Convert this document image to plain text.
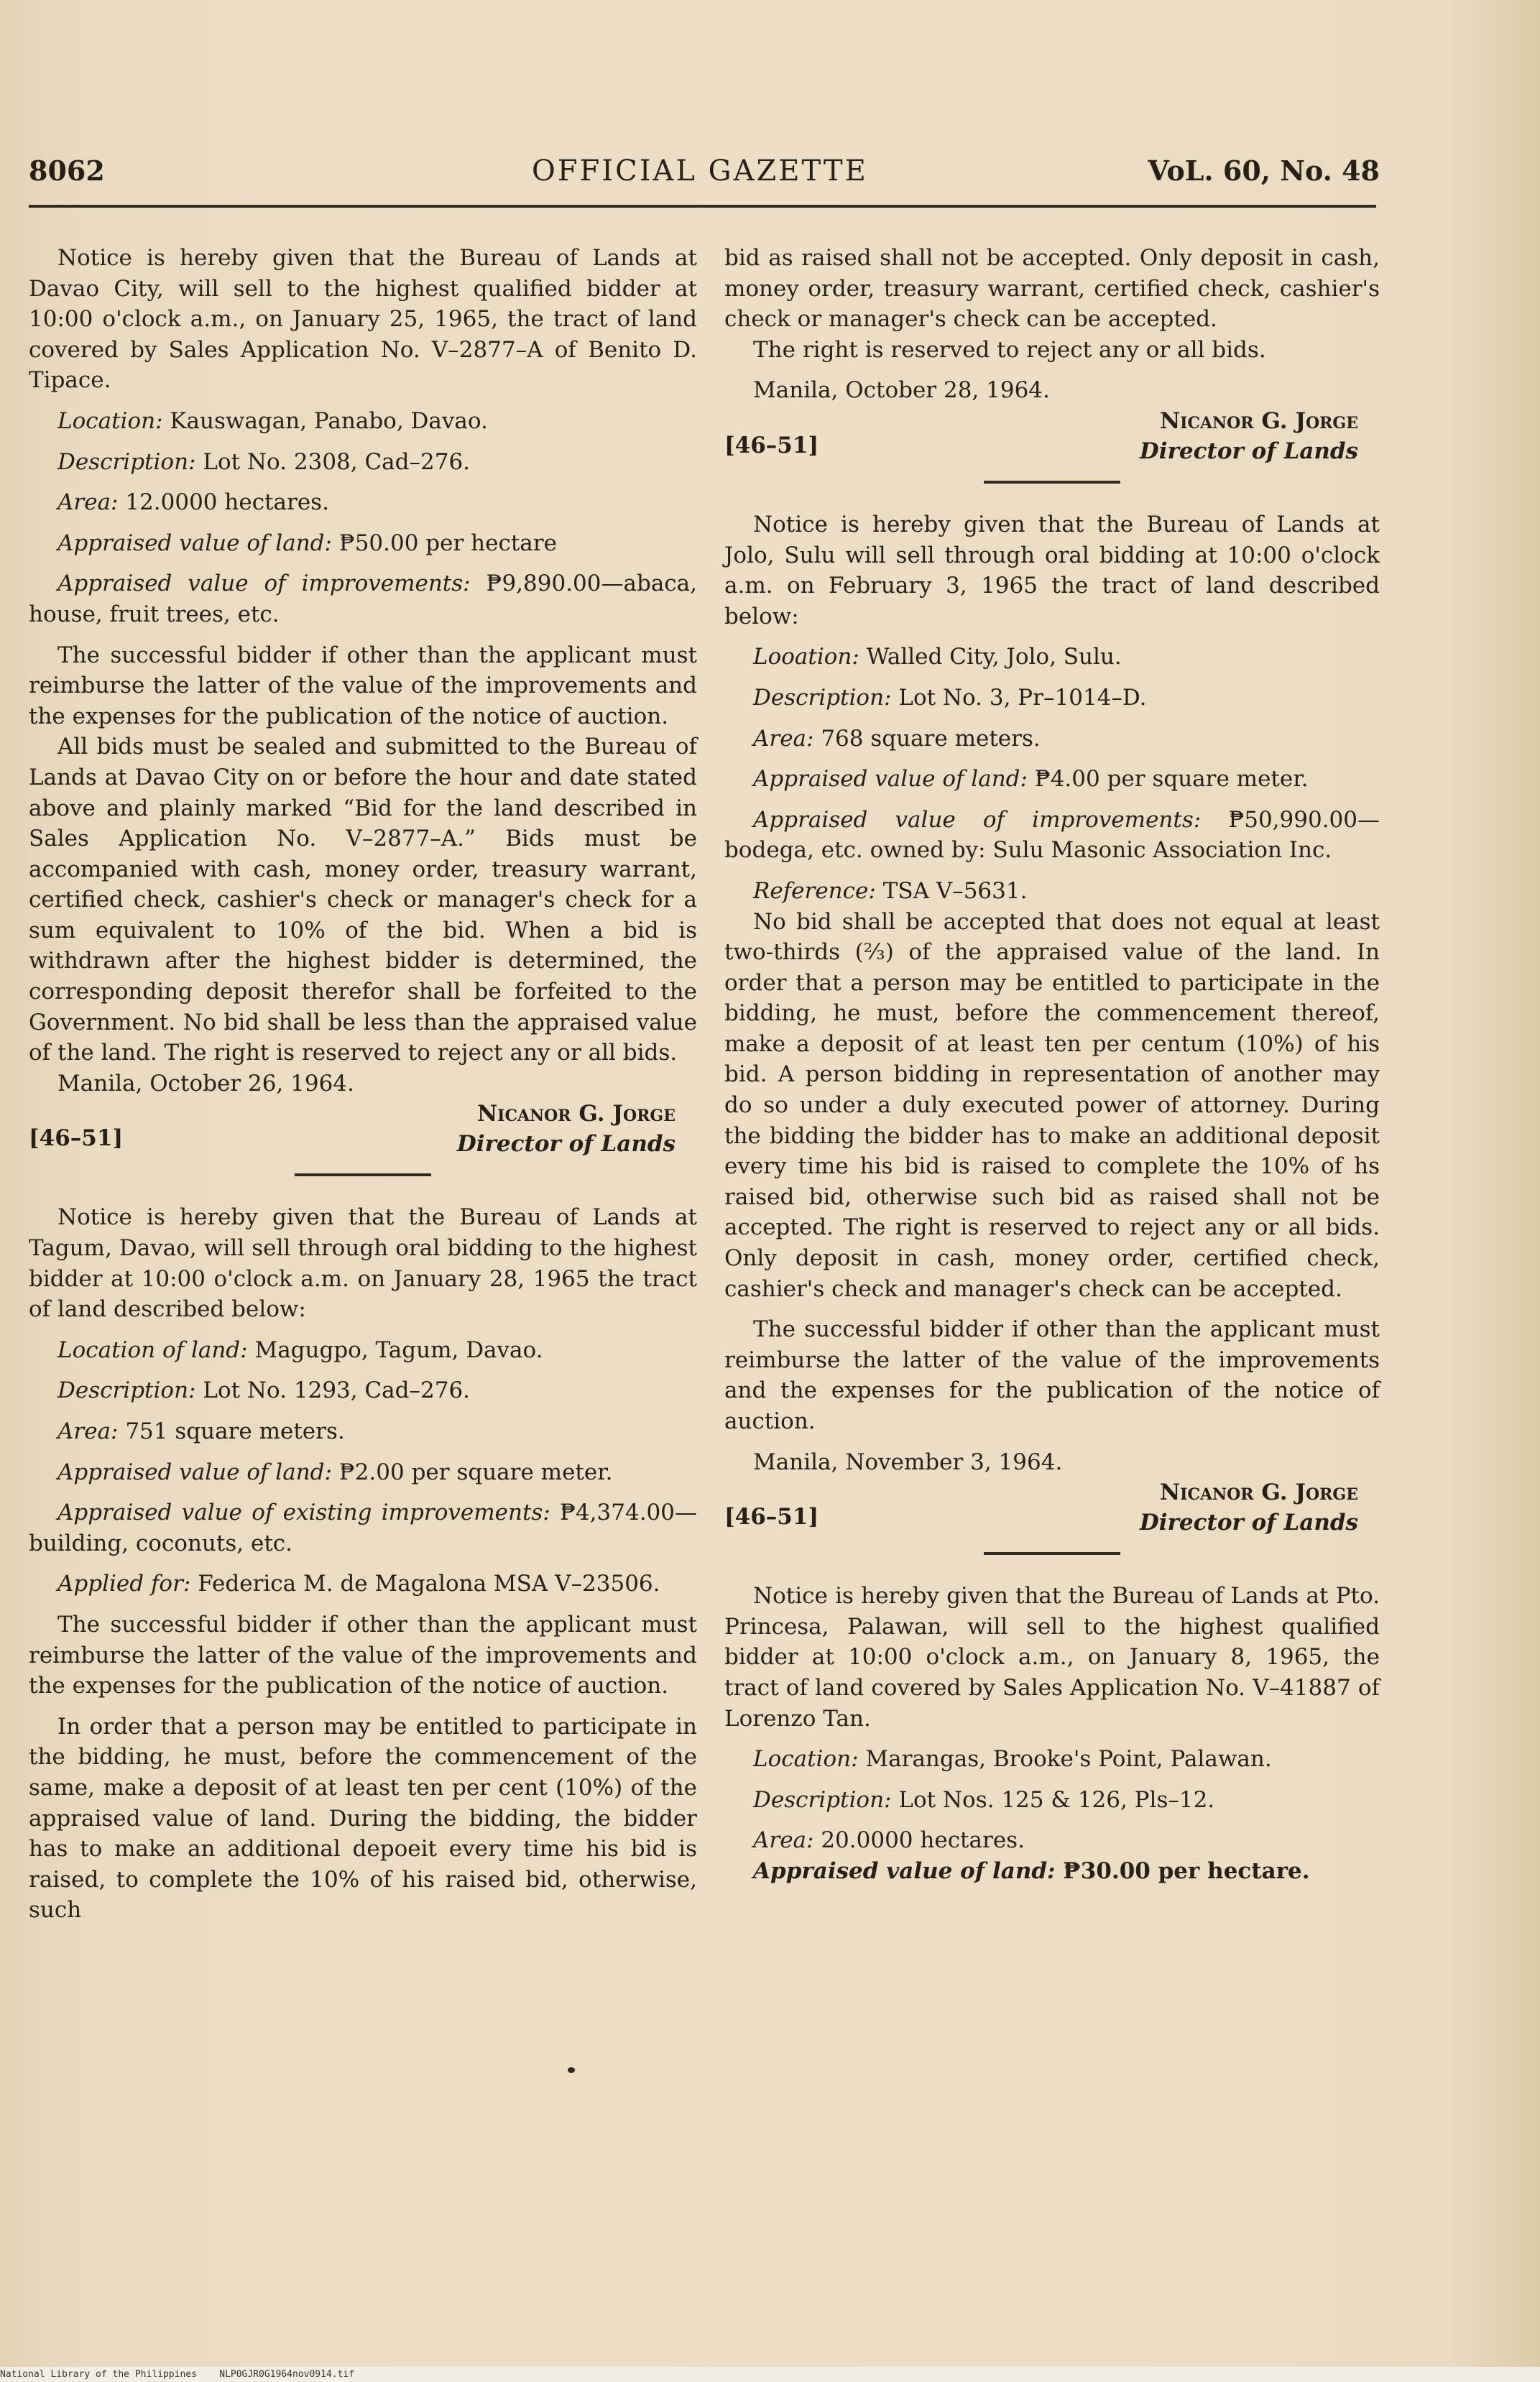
8062	OFFICIAL GAZETTE	VoL. 60, No. 48

Notice is hereby given that the Bureau of Lands at Davao City, will sell to the highest qualified bidder at 10:00 o'clock a.m., on January 25, 1965, the tract of land covered by Sales Application No. V–2877–A of Benito D. Tipace.

Location: Kauswagan, Panabo, Davao.

Description: Lot No. 2308, Cad–276.

Area: 12.0000 hectares.

Appraised value of land: ₱50.00 per hectare

Appraised value of improvements: ₱9,890.00—abaca, house, fruit trees, etc.

The successful bidder if other than the applicant must reimburse the latter of the value of the improvements and the expenses for the publication of the notice of auction.

All bids must be sealed and submitted to the Bureau of Lands at Davao City on or before the hour and date stated above and plainly marked “Bid for the land described in Sales Application No. V–2877–A.” Bids must be accompanied with cash, money order, treasury warrant, certified check, cashier's check or manager's check for a sum equivalent to 10% of the bid. When a bid is withdrawn after the highest bidder is determined, the corresponding deposit therefor shall be forfeited to the Government. No bid shall be less than the appraised value of the land. The right is reserved to reject any or all bids.

Manila, October 26, 1964.

[46–51]
Nicanor G. Jorge
Director of Lands

Notice is hereby given that the Bureau of Lands at Tagum, Davao, will sell through oral bidding to the highest bidder at 10:00 o'clock a.m. on January 28, 1965 the tract of land described below:

Location of land: Magugpo, Tagum, Davao.

Description: Lot No. 1293, Cad–276.

Area: 751 square meters.

Appraised value of land: ₱2.00 per square meter.

Appraised value of existing improvements: ₱4,374.00—building, coconuts, etc.

Applied for: Federica M. de Magalona MSA V–23506.

The successful bidder if other than the applicant must reimburse the latter of the value of the improvements and the expenses for the publication of the notice of auction.

In order that a person may be entitled to participate in the bidding, he must, before the commencement of the same, make a deposit of at least ten per cent (10%) of the appraised value of land. During the bidding, the bidder has to make an additional depoeit every time his bid is raised, to complete the 10% of his raised bid, otherwise, such

bid as raised shall not be accepted. Only deposit in cash, money order, treasury warrant, certified check, cashier's check or manager's check can be accepted.

The right is reserved to reject any or all bids.

Manila, October 28, 1964.

[46–51]
Nicanor G. Jorge
Director of Lands

Notice is hereby given that the Bureau of Lands at Jolo, Sulu will sell through oral bidding at 10:00 o'clock a.m. on February 3, 1965 the tract of land described below:

Looation: Walled City, Jolo, Sulu.

Description: Lot No. 3, Pr–1014–D.

Area: 768 square meters.

Appraised value of land: ₱4.00 per square meter.

Appraised value of improvements: ₱50,990.00—bodega, etc. owned by: Sulu Masonic Association Inc.

Reference: TSA V–5631.

No bid shall be accepted that does not equal at least two-thirds (⅔) of the appraised value of the land. In order that a person may be entitled to participate in the bidding, he must, before the commencement thereof, make a deposit of at least ten per centum (10%) of his bid. A person bidding in representation of another may do so under a duly executed power of attorney. During the bidding the bidder has to make an additional deposit every time his bid is raised to complete the 10% of hs raised bid, otherwise such bid as raised shall not be accepted. The right is reserved to reject any or all bids. Only deposit in cash, money order, certified check, cashier's check and manager's check can be accepted.

The successful bidder if other than the applicant must reimburse the latter of the value of the improvements and the expenses for the publication of the notice of auction.

Manila, November 3, 1964.

[46–51]
Nicanor G. Jorge
Director of Lands

Notice is hereby given that the Bureau of Lands at Pto. Princesa, Palawan, will sell to the highest qualified bidder at 10:00 o'clock a.m., on January 8, 1965, the tract of land covered by Sales Application No. V–41887 of Lorenzo Tan.

Location: Marangas, Brooke's Point, Palawan.

Description: Lot Nos. 125 & 126, Pls–12.

Area: 20.0000 hectares.

Appraised value of land: ₱30.00 per hectare.

National Library of the Philippines    NLP0GJR0G1964nov0914.tif
